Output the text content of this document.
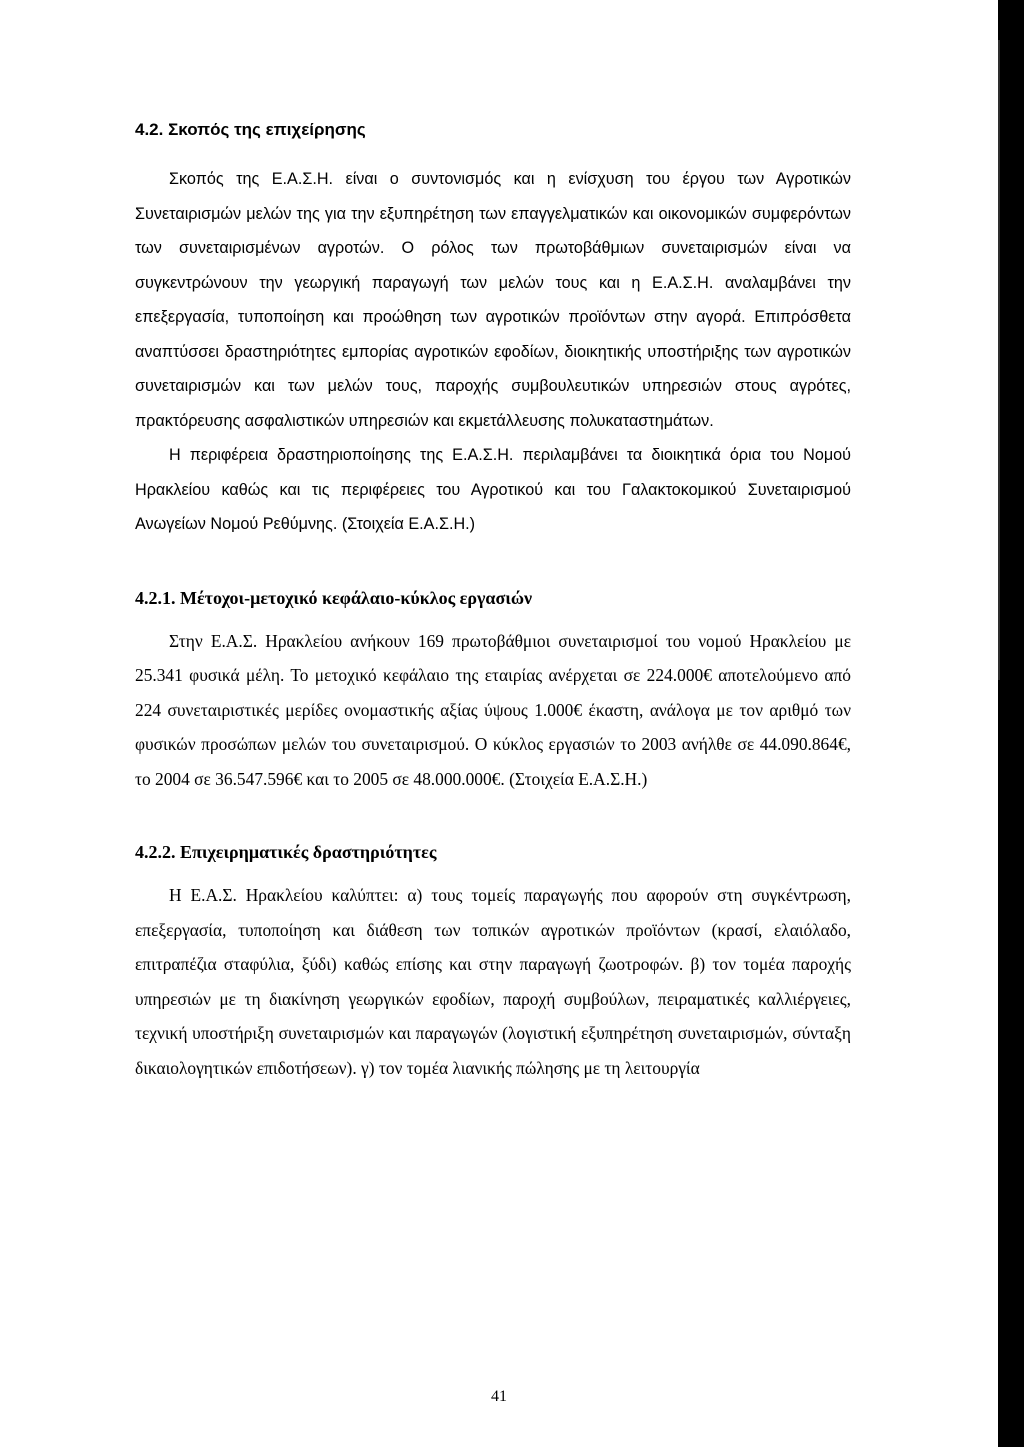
4.2. Σκοπός της επιχείρησης

Σκοπός της Ε.Α.Σ.Η. είναι ο συντονισμός και η ενίσχυση του έργου των Αγροτικών Συνεταιρισμών μελών της για την εξυπηρέτηση των επαγγελματικών και οικονομικών συμφερόντων των συνεταιρισμένων αγροτών. Ο ρόλος των πρωτοβάθμιων συνεταιρισμών είναι να συγκεντρώνουν την γεωργική παραγωγή των μελών τους και η Ε.Α.Σ.Η. αναλαμβάνει την επεξεργασία, τυποποίηση και προώθηση των αγροτικών προϊόντων στην αγορά. Επιπρόσθετα αναπτύσσει δραστηριότητες εμπορίας αγροτικών εφοδίων, διοικητικής υποστήριξης των αγροτικών συνεταιρισμών και των μελών τους, παροχής συμβουλευτικών υπηρεσιών στους αγρότες, πρακτόρευσης ασφαλιστικών υπηρεσιών και εκμετάλλευσης πολυκαταστημάτων.

Η περιφέρεια δραστηριοποίησης της Ε.Α.Σ.Η. περιλαμβάνει τα διοικητικά όρια του Νομού Ηρακλείου καθώς και τις περιφέρειες του Αγροτικού και του Γαλακτοκομικού Συνεταιρισμού Ανωγείων Νομού Ρεθύμνης. (Στοιχεία Ε.Α.Σ.Η.)

4.2.1. Μέτοχοι-μετοχικό κεφάλαιο-κύκλος εργασιών

Στην Ε.Α.Σ. Ηρακλείου ανήκουν 169 πρωτοβάθμιοι συνεταιρισμοί του νομού Ηρακλείου με 25.341 φυσικά μέλη. Το μετοχικό κεφάλαιο της εταιρίας ανέρχεται σε 224.000€ αποτελούμενο από 224 συνεταιριστικές μερίδες ονομαστικής αξίας ύψους 1.000€ έκαστη, ανάλογα με τον αριθμό των φυσικών προσώπων μελών του συνεταιρισμού. Ο κύκλος εργασιών το 2003 ανήλθε σε 44.090.864€, το 2004 σε 36.547.596€ και το 2005 σε 48.000.000€. (Στοιχεία Ε.Α.Σ.Η.)

4.2.2. Επιχειρηματικές δραστηριότητες

Η Ε.Α.Σ. Ηρακλείου καλύπτει: α) τους τομείς παραγωγής που αφορούν στη συγκέντρωση, επεξεργασία, τυποποίηση και διάθεση των τοπικών αγροτικών προϊόντων (κρασί, ελαιόλαδο, επιτραπέζια σταφύλια, ξύδι) καθώς επίσης και στην παραγωγή ζωοτροφών. β) τον τομέα παροχής υπηρεσιών με τη διακίνηση γεωργικών εφοδίων, παροχή συμβούλων, πειραματικές καλλιέργειες, τεχνική υποστήριξη συνεταιρισμών και παραγωγών (λογιστική εξυπηρέτηση συνεταιρισμών, σύνταξη δικαιολογητικών επιδοτήσεων). γ) τον τομέα λιανικής πώλησης με τη λειτουργία

41
